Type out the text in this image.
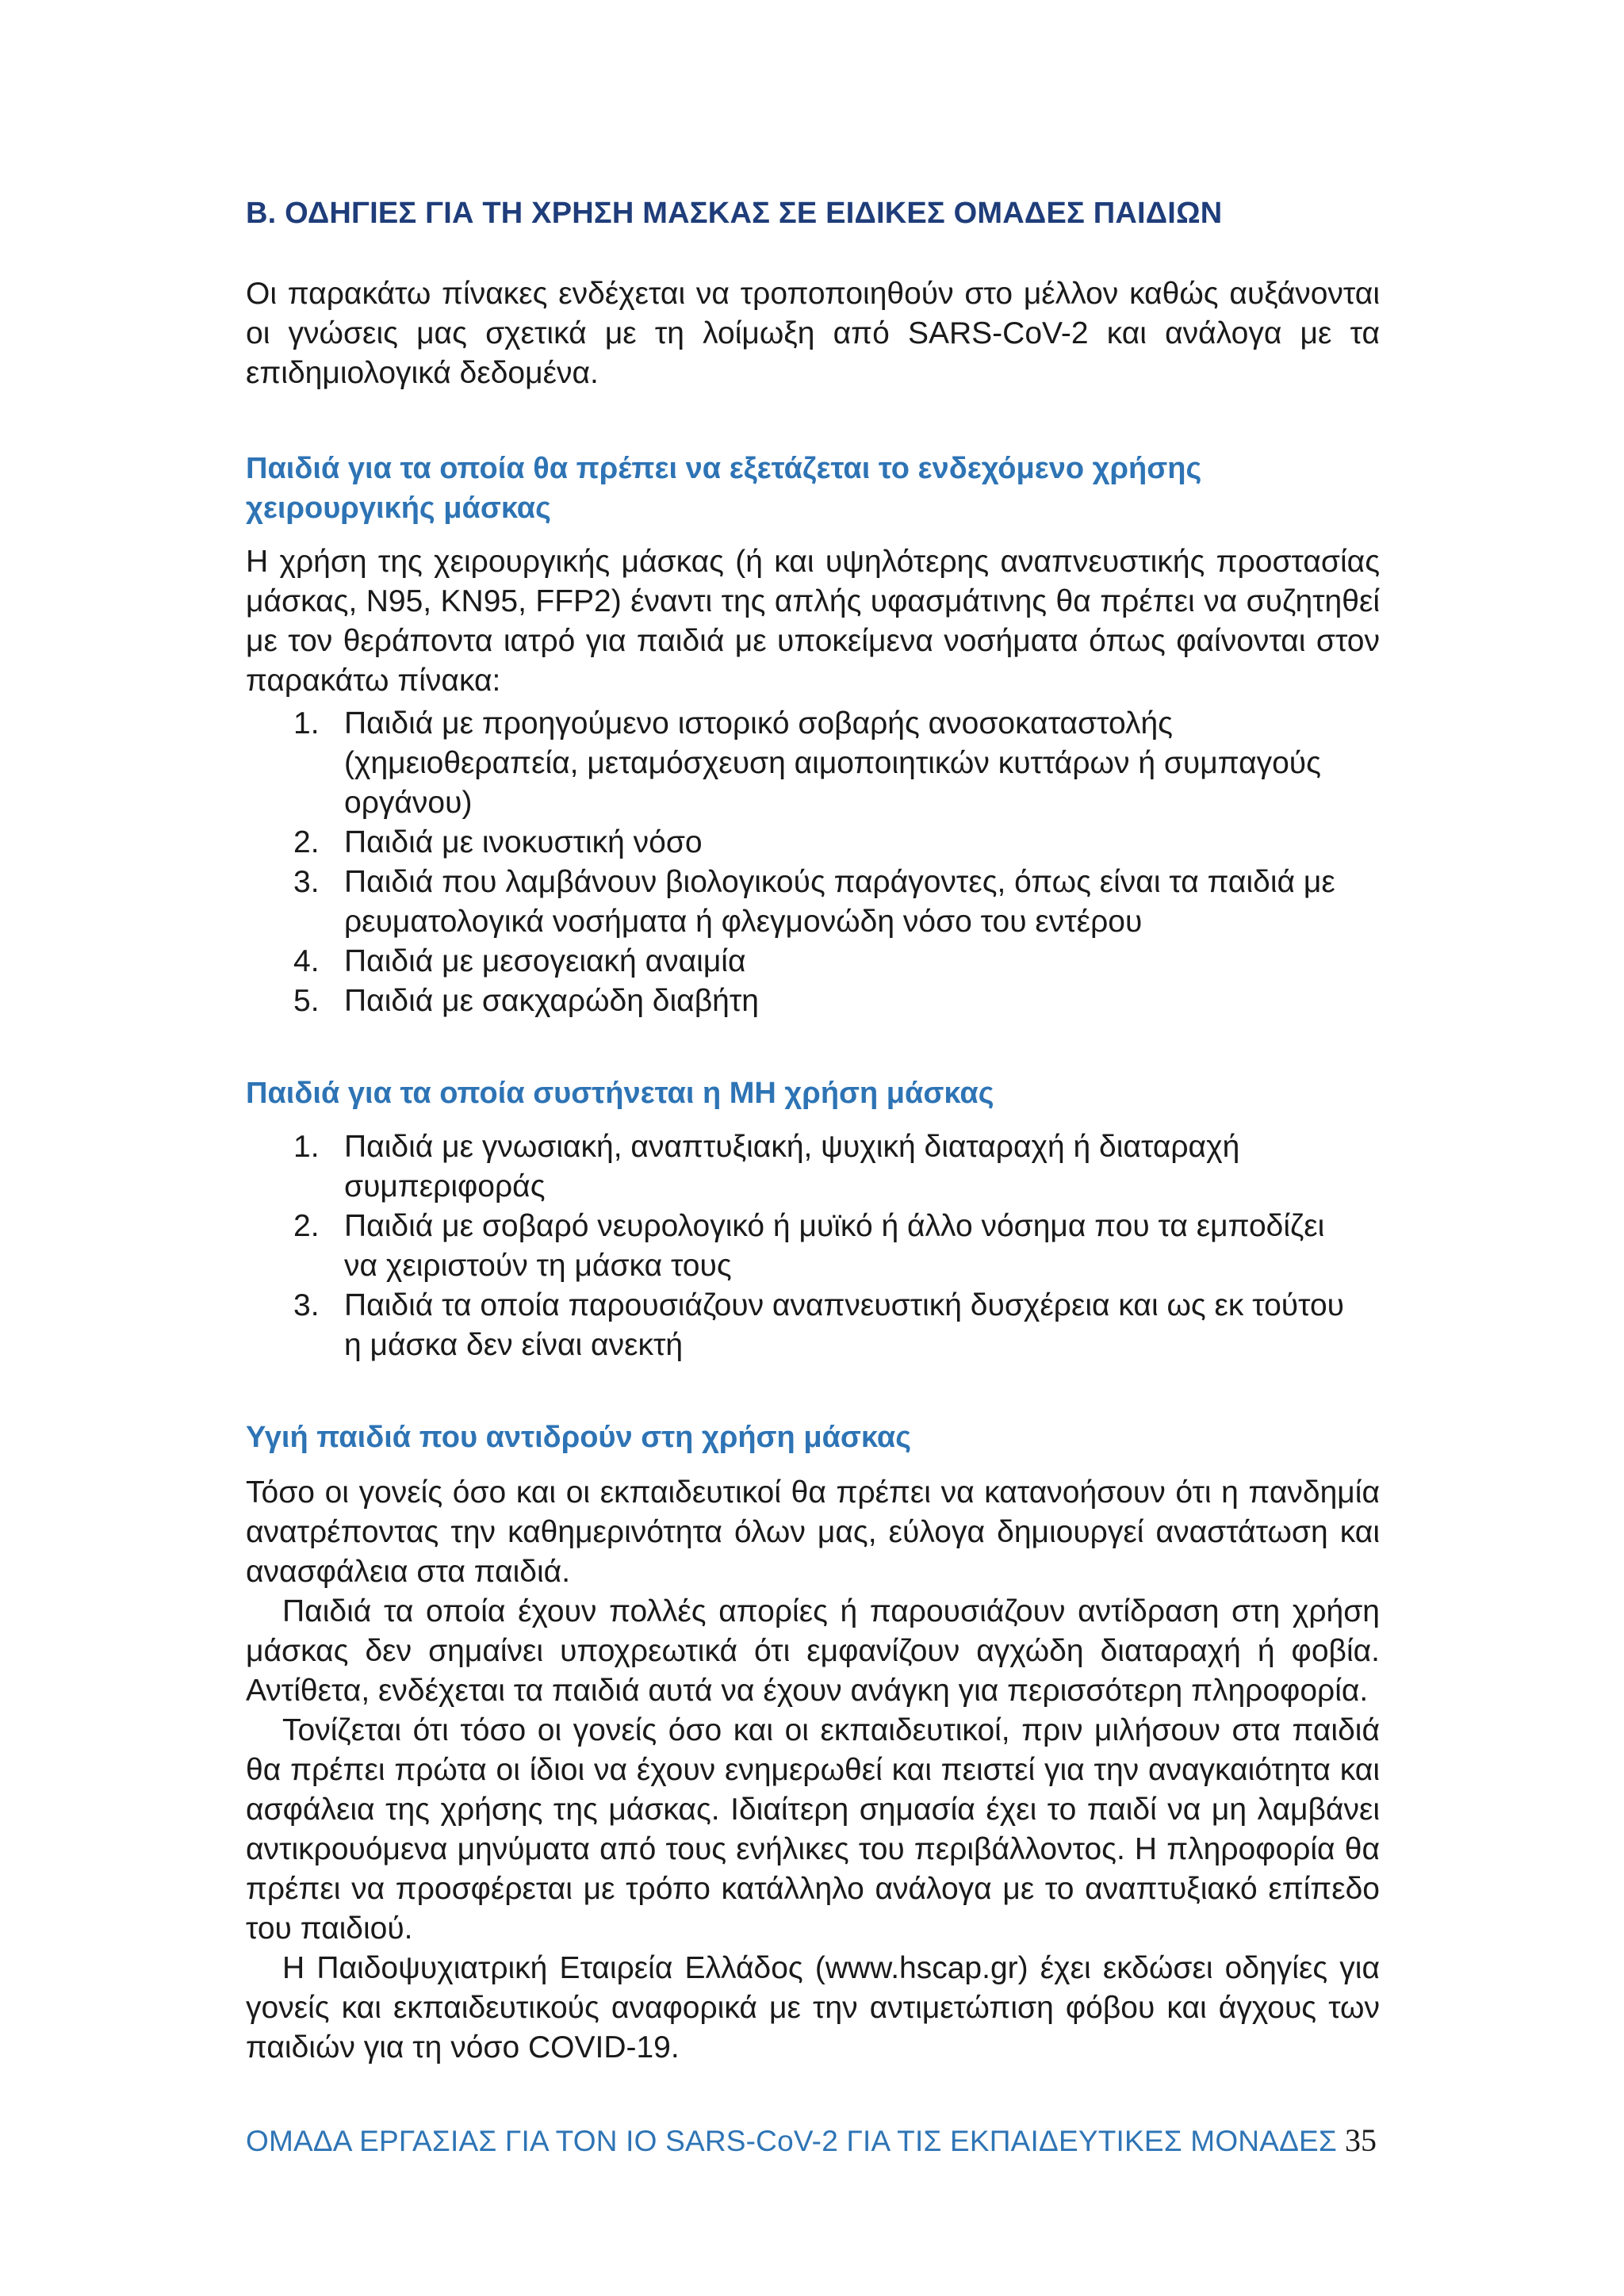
Β. ΟΔΗΓΙΕΣ ΓΙΑ ΤΗ ΧΡΗΣΗ ΜΑΣΚΑΣ ΣΕ ΕΙΔΙΚΕΣ ΟΜΑΔΕΣ ΠΑΙΔΙΩΝ

Οι παρακάτω πίνακες ενδέχεται να τροποποιηθούν στο μέλλον καθώς αυξάνονται οι γνώσεις μας σχετικά με τη λοίμωξη από SARS-CoV-2 και ανάλογα με τα επιδημιολογικά δεδομένα.

Παιδιά για τα οποία θα πρέπει να εξετάζεται το ενδεχόμενο χρήσης χειρουργικής μάσκας

Η χρήση της χειρουργικής μάσκας (ή και υψηλότερης αναπνευστικής προστασίας μάσκας, N95, KN95, FFP2) έναντι της απλής υφασμάτινης θα πρέπει να συζητηθεί με τον θεράποντα ιατρό για παιδιά με υποκείμενα νοσήματα όπως φαίνονται στον παρακάτω πίνακα:

1. Παιδιά με προηγούμενο ιστορικό σοβαρής ανοσοκαταστολής (χημειοθεραπεία, μεταμόσχευση αιμοποιητικών κυττάρων ή συμπαγούς οργάνου)
2. Παιδιά με ινοκυστική νόσο
3. Παιδιά που λαμβάνουν βιολογικούς παράγοντες, όπως είναι τα παιδιά με ρευματολογικά νοσήματα ή φλεγμονώδη νόσο του εντέρου
4. Παιδιά με μεσογειακή αναιμία
5. Παιδιά με σακχαρώδη διαβήτη
Παιδιά για τα οποία συστήνεται η ΜΗ χρήση μάσκας
1. Παιδιά με γνωσιακή, αναπτυξιακή, ψυχική διαταραχή ή διαταραχή συμπεριφοράς
2. Παιδιά με σοβαρό νευρολογικό ή μυϊκό ή άλλο νόσημα που τα εμποδίζει να χειριστούν τη μάσκα τους
3. Παιδιά τα οποία παρουσιάζουν αναπνευστική δυσχέρεια και ως εκ τούτου η μάσκα δεν είναι ανεκτή
Υγιή παιδιά που αντιδρούν στη χρήση μάσκας

Τόσο οι γονείς όσο και οι εκπαιδευτικοί θα πρέπει να κατανοήσουν ότι η πανδημία ανατρέποντας την καθημερινότητα όλων μας, εύλογα δημιουργεί αναστάτωση και ανασφάλεια στα παιδιά.

Παιδιά τα οποία έχουν πολλές απορίες ή παρουσιάζουν αντίδραση στη χρήση μάσκας δεν σημαίνει υποχρεωτικά ότι εμφανίζουν αγχώδη διαταραχή ή φοβία. Αντίθετα, ενδέχεται τα παιδιά αυτά να έχουν ανάγκη για περισσότερη πληροφορία.

Τονίζεται ότι τόσο οι γονείς όσο και οι εκπαιδευτικοί, πριν μιλήσουν στα παιδιά θα πρέπει πρώτα οι ίδιοι να έχουν ενημερωθεί και πειστεί για την αναγκαιότητα και ασφάλεια της χρήσης της μάσκας. Ιδιαίτερη σημασία έχει το παιδί να μη λαμβάνει αντικρουόμενα μηνύματα από τους ενήλικες του περιβάλλοντος. Η πληροφορία θα πρέπει να προσφέρεται με τρόπο κατάλληλο ανάλογα με το αναπτυξιακό επίπεδο του παιδιού.

Η Παιδοψυχιατρική Εταιρεία Ελλάδος (www.hscap.gr) έχει εκδώσει οδηγίες για γονείς και εκπαιδευτικούς αναφορικά με την αντιμετώπιση φόβου και άγχους των παιδιών για τη νόσο COVID-19.

ΟΜΑΔΑ ΕΡΓΑΣΙΑΣ ΓΙΑ ΤΟΝ ΙΟ SARS-CoV-2 ΓΙΑ ΤΙΣ ΕΚΠΑΙΔΕΥΤΙΚΕΣ ΜΟΝΑΔΕΣ 35
